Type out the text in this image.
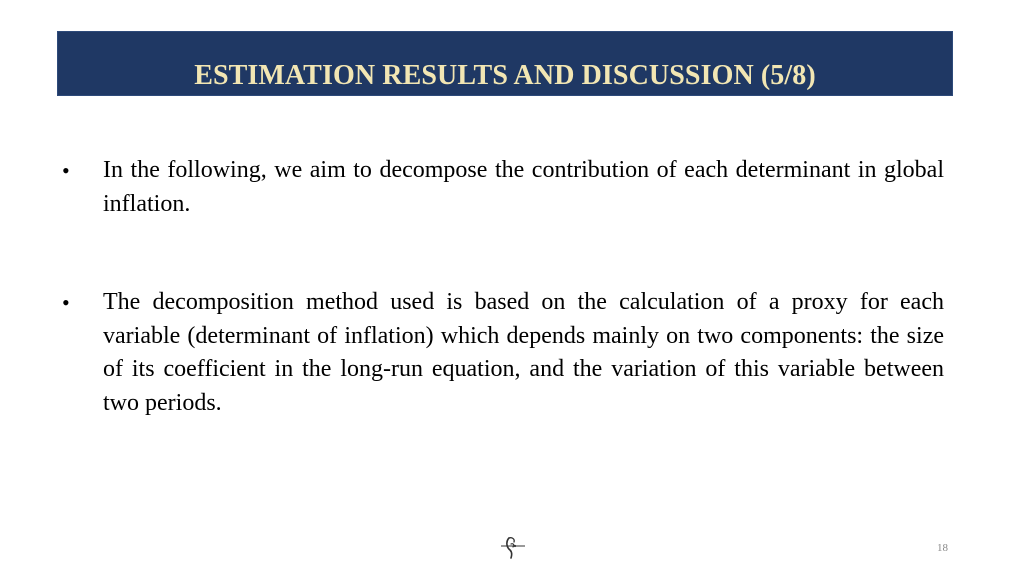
ESTIMATION RESULTS AND DISCUSSION (5/8)
• In the following, we aim to decompose the contribution of each determinant in global inflation.
• The decomposition method used is based on the calculation of a proxy for each variable (determinant of inflation) which depends mainly on two components: the size of its coefficient in the long-run equation, and the variation of this variable between two periods.
18
